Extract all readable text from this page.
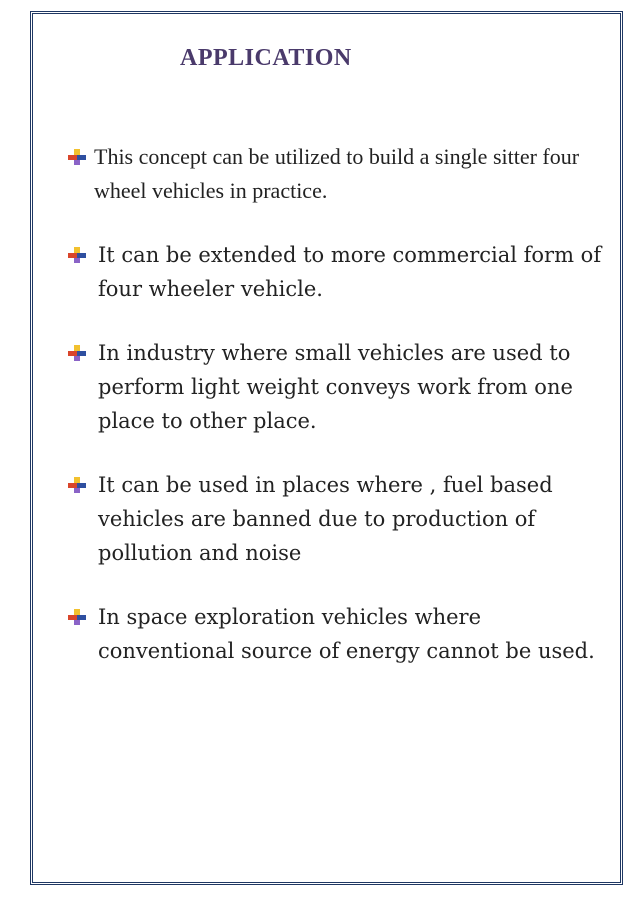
APPLICATION
This concept can be utilized to build a single sitter four wheel vehicles in practice.
It can be extended to more commercial form of four wheeler vehicle.
In industry where small vehicles are used to perform light weight conveys work from one place to other place.
It can be used in places where , fuel based vehicles are banned due to production of pollution and noise
In space exploration vehicles where conventional source of energy cannot be used.
